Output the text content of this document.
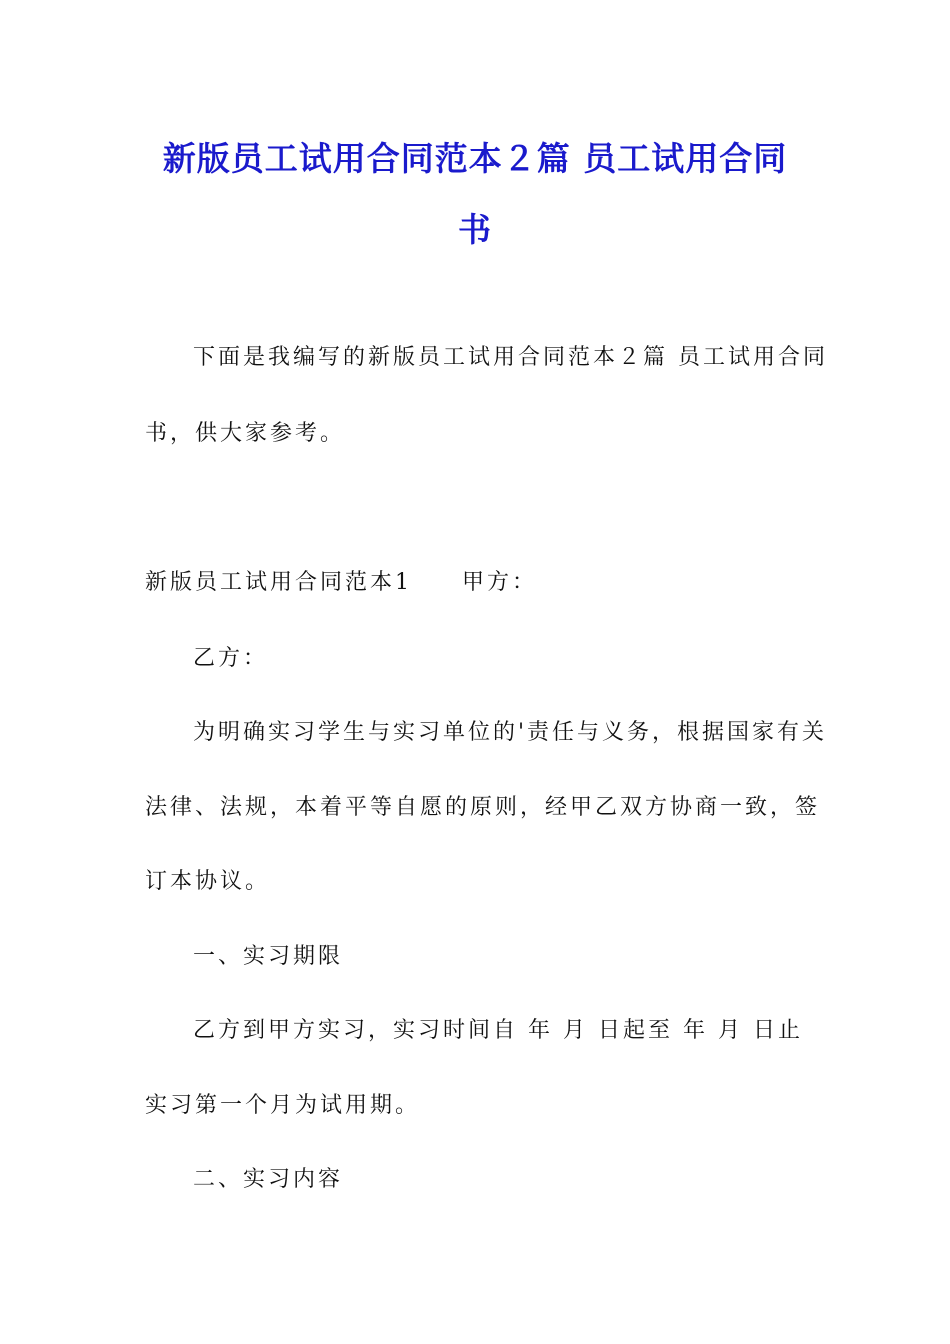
新版员工试用合同范本２篇 员工试用合同
书
下面是我编写的新版员工试用合同范本２篇 员工试用合同
书，供大家参考。
新版员工试用合同范本1　　甲方：
乙方：
为明确实习学生与实习单位的'责任与义务，根据国家有关
法律、法规，本着平等自愿的原则，经甲乙双方协商一致，签
订本协议。
一、实习期限
乙方到甲方实习，实习时间自 年 月 日起至 年 月 日止
实习第一个月为试用期。
二、实习内容
